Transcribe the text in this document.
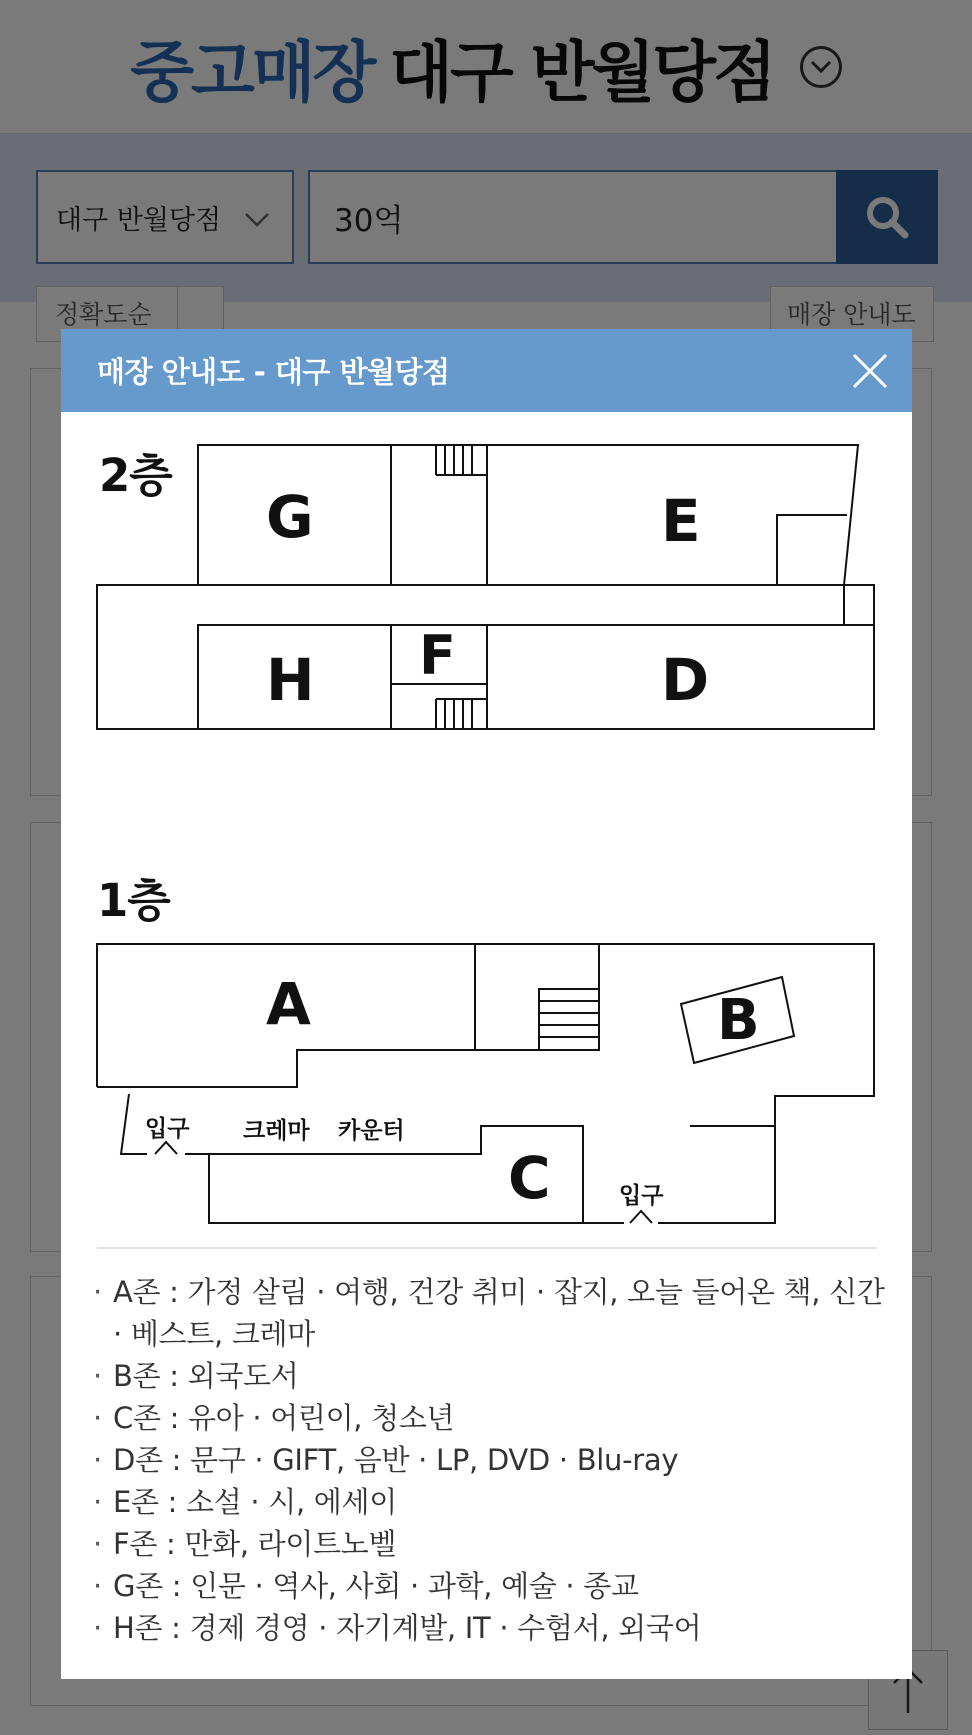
30억
매장 안내도 - 대구 반월당점
2층
G	E
F
H	D
1층
A	B
C
입구 크레마 카운터
입구
· A존 : 가정 살림 · 여행, 건강 취미 · 잡지, 오늘 들어온 책, 신간 · 베스트, 크레마
· B존 : 외국도서
· C존 : 유아 · 어린이, 청소년
· D존 : 문구 · GIFT, 음반 · LP, DVD · Blu-ray
· E존 : 소설 · 시, 에세이
· F존 : 만화, 라이트노벨
· G존 : 인문 · 역사, 사회 · 과학, 예술 · 종교
· H존 : 경제 경영 · 자기계발, IT · 수험서, 외국어
